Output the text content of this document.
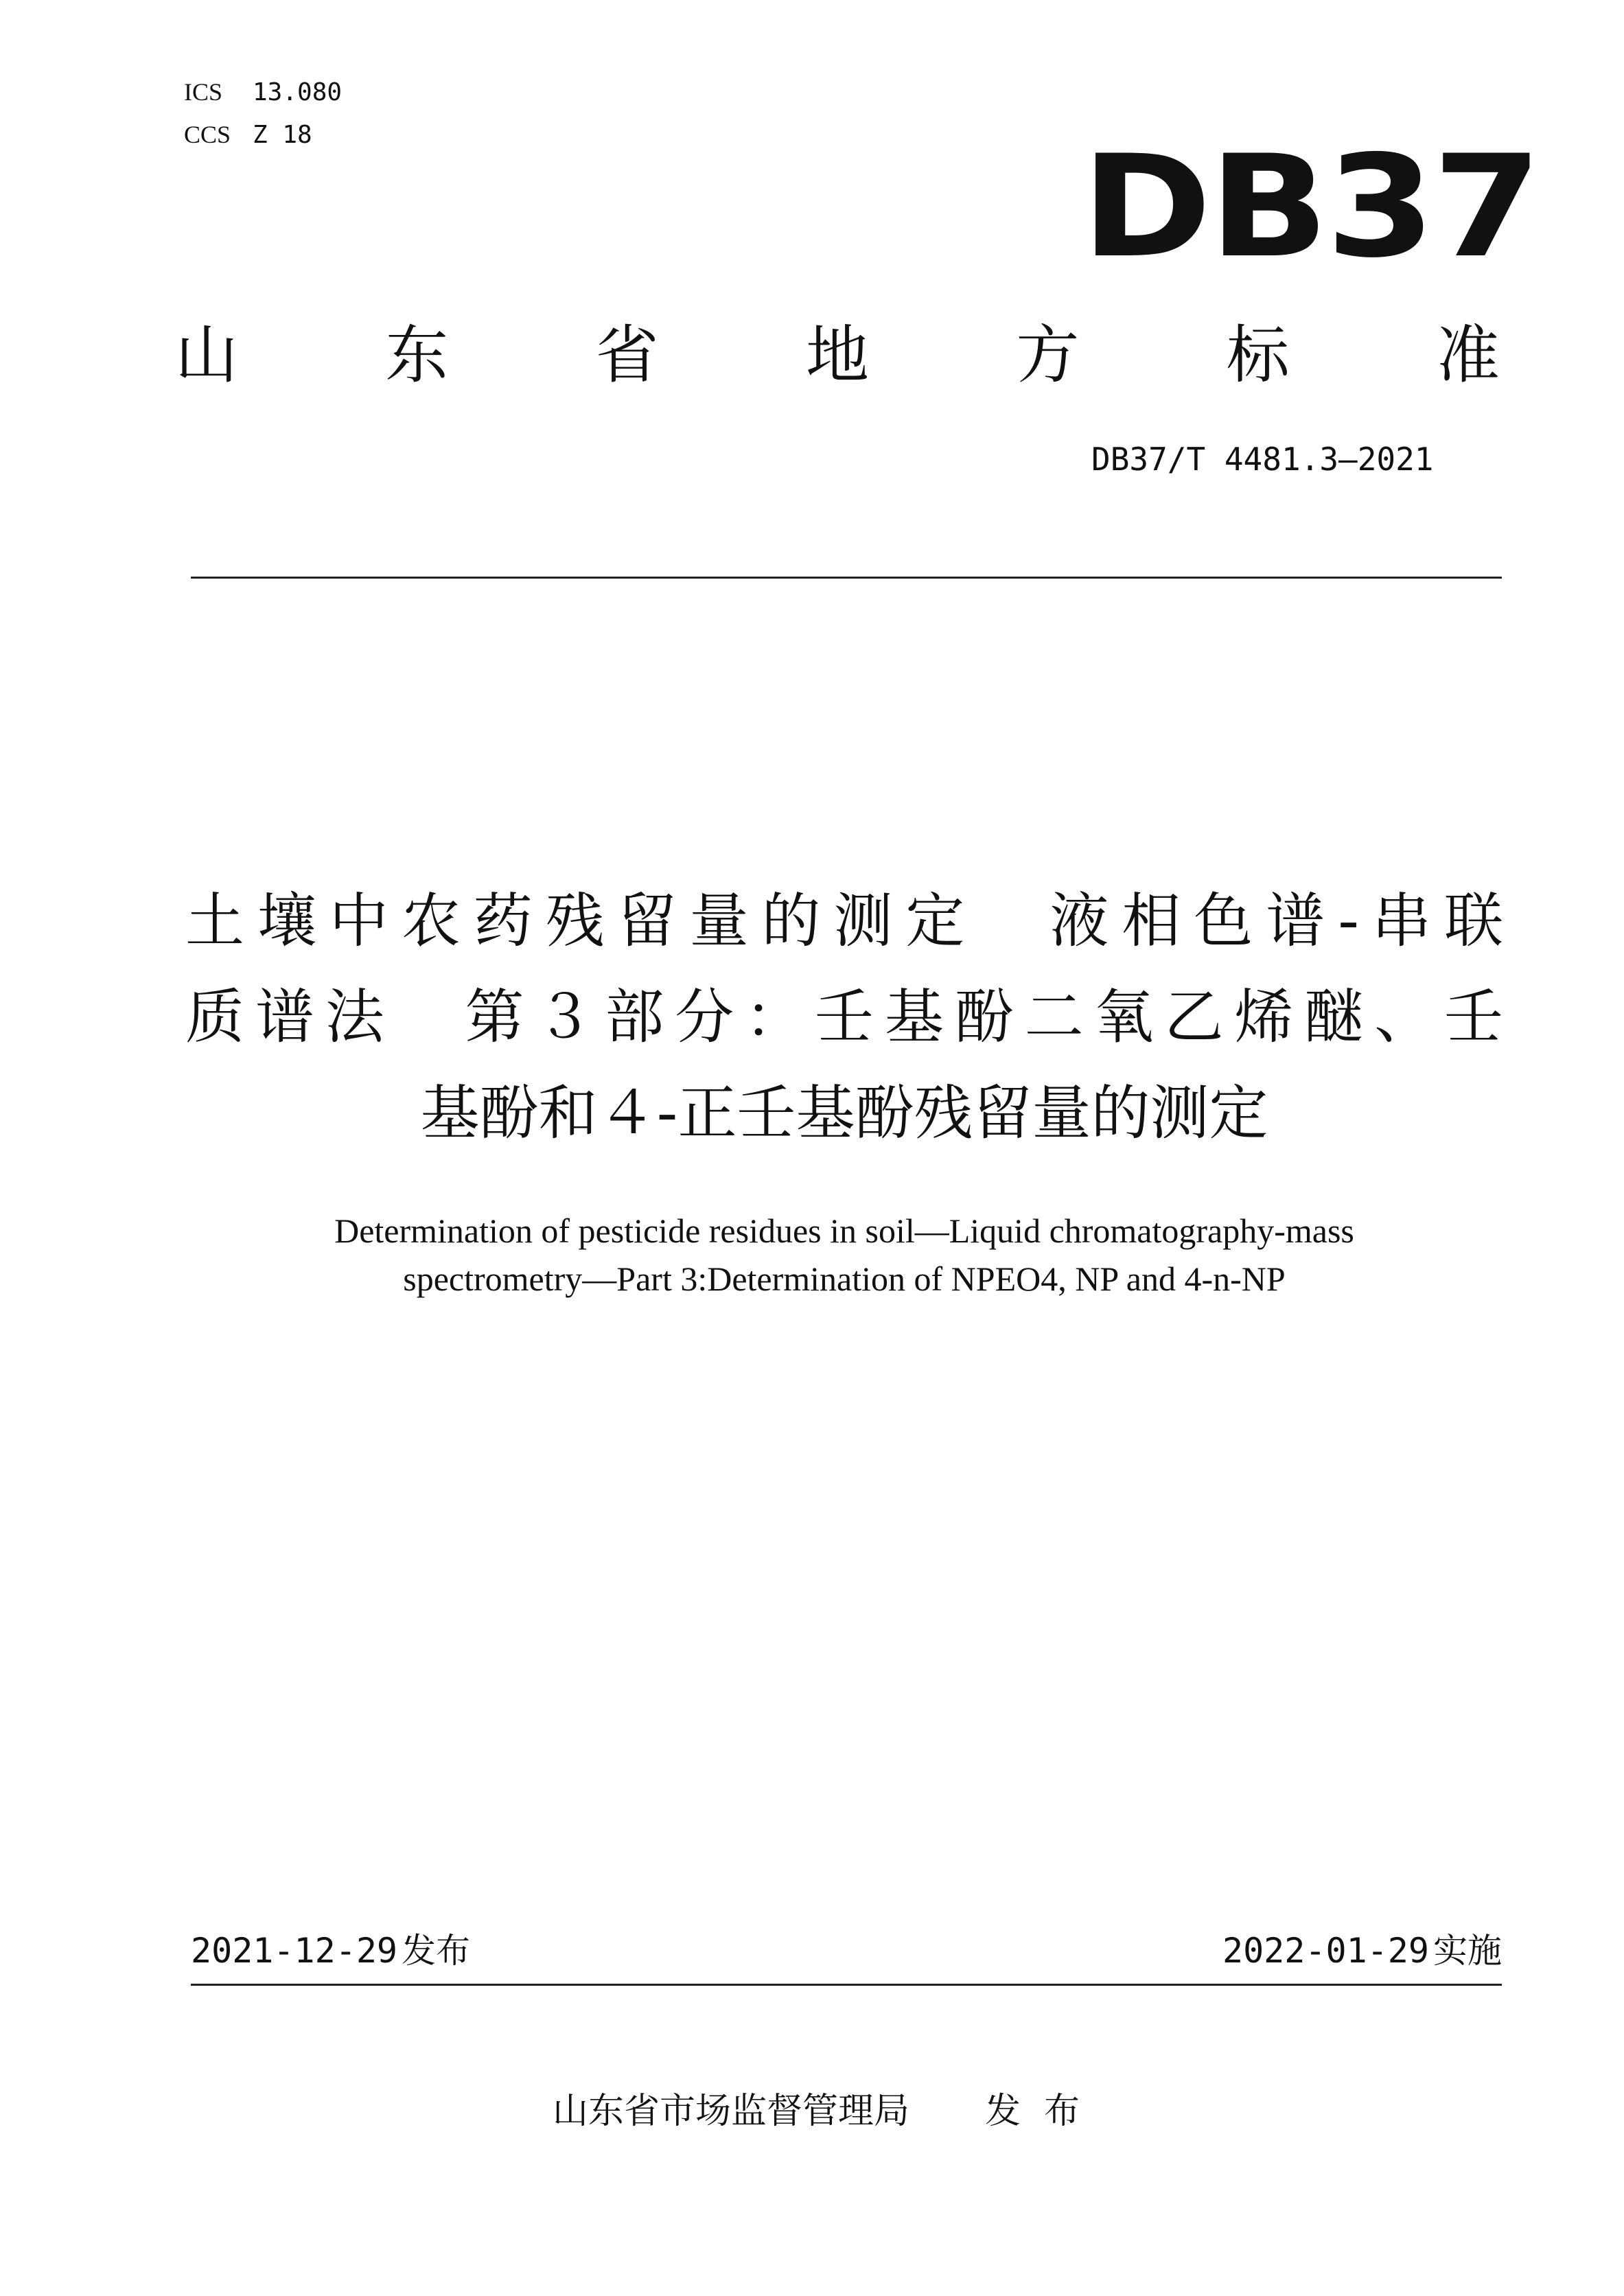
ICS 13.080
CCS Z 18	DB37
山 东 省 地 方 标 准
DB37/T 4481.3—2021
土壤中农药残留量的测定　液相色谱-串联
质谱法　第３部分：壬基酚二氧乙烯醚、壬
基酚和４-正壬基酚残留量的测定
Determination of pesticide residues in soil—Liquid chromatography-mass
spectrometry—Part 3:Determination of NPEO4, NP and 4-n-NP
2021-12-29 发布	2022-01-29 实施
山东省市场监督管理局 发布
